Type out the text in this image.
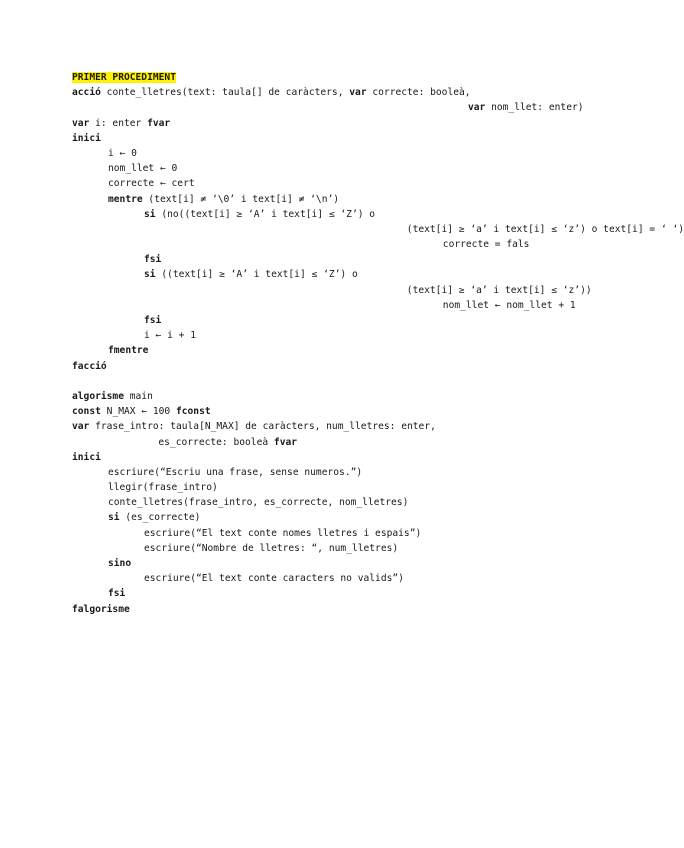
PRIMER PROCEDIMENT
acció conte_lletres(text: taula[] de caràcters, var correcte: booleà,
var nom_llet: enter)
var i: enter fvar
inici
i ← 0
nom_llet ← 0
correcte ← cert
mentre (text[i] ≠ ‘\0’ i text[i] ≠ ‘\n’)
si (no((text[i] ≥ ‘A’ i text[i] ≤ ‘Z’) o
(text[i] ≥ ‘a’ i text[i] ≤ ‘z’) o text[i] = ‘ ‘)
correcte = fals
fsi
si ((text[i] ≥ ‘A’ i text[i] ≤ ‘Z’) o
(text[i] ≥ ‘a’ i text[i] ≤ ‘z’))
nom_llet ← nom_llet + 1
fsi
i ← i + 1
fmentre
facció
algorisme main
const N_MAX ← 100 fconst
var frase_intro: taula[N_MAX] de caràcters, num_lletres: enter,
es_correcte: booleà fvar
inici
escriure(“Escriu una frase, sense numeros.”)
llegir(frase_intro)
conte_lletres(frase_intro, es_correcte, nom_lletres)
si (es_correcte)
escriure(“El text conte nomes lletres i espais”)
escriure(“Nombre de lletres: “, num_lletres)
sino
escriure(“El text conte caracters no valids”)
fsi
falgorisme
